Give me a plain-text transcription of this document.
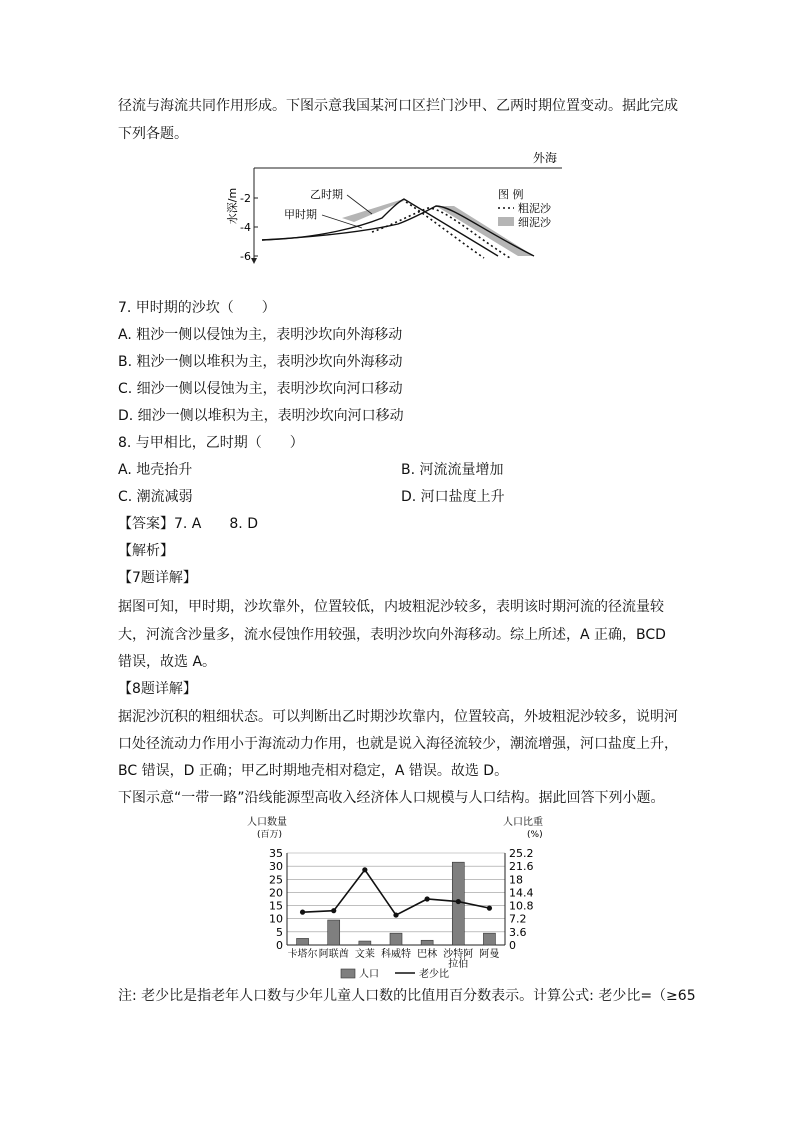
径流与海流共同作用形成。下图示意我国某河口区拦门沙甲、乙两时期位置变动。据此完成
下列各题。
外海
水深/m -2
-4
-6
乙时期
甲时期
图 例
粗泥沙
细泥沙
7. 甲时期的沙坎（　　）
A. 粗沙一侧以侵蚀为主，表明沙坎向外海移动
B. 粗沙一侧以堆积为主，表明沙坎向外海移动
C. 细沙一侧以侵蚀为主，表明沙坎向河口移动
D. 细沙一侧以堆积为主，表明沙坎向河口移动
8. 与甲相比，乙时期（　　）
A. 地壳抬升	B. 河流流量增加
C. 潮流减弱	D. 河口盐度上升
【答案】7. A　　8. D
【解析】
【7题详解】
据图可知，甲时期，沙坎靠外，位置较低，内坡粗泥沙较多，表明该时期河流的径流量较
大，河流含沙量多，流水侵蚀作用较强，表明沙坎向外海移动。综上所述，A 正确，BCD
错误，故选 A。
【8题详解】
据泥沙沉积的粗细状态。可以判断出乙时期沙坎靠内，位置较高，外坡粗泥沙较多，说明河
口处径流动力作用小于海流动力作用，也就是说入海径流较少，潮流增强，河口盐度上升，
BC 错误，D 正确；甲乙时期地壳相对稳定，A 错误。故选 D。
下图示意“一带一路”沿线能源型高收入经济体人口规模与人口结构。据此回答下列小题。
人口数量
(百万)
人口比重
(%)
0
5
10
15
20
25
30
35
0
3.6
7.2
10.8
14.4
18
21.6
25.2
卡塔尔 阿联酋 文莱 科威特 巴林 沙特阿
拉伯
阿曼
人口	老少比
注: 老少比是指老年人口数与少年儿童人口数的比值用百分数表示。计算公式: 老少比=（≥65
